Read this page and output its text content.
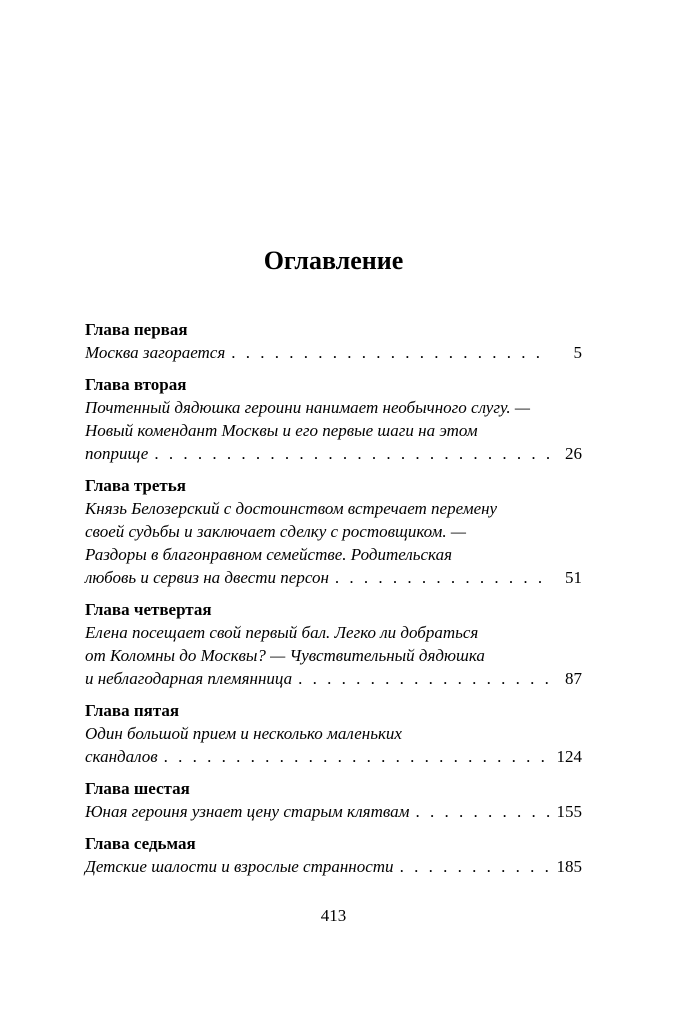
Оглавление
Глава первая
Москва загорается . . .	5
Глава вторая
Почтенный дядюшка героини нанимает необычного слугу. —
Новый комендант Москвы и его первые шаги на этом
поприще . . .	26
Глава третья
Князь Белозерский с достоинством встречает перемену
своей судьбы и заключает сделку с ростовщиком. —
Раздоры в благонравном семействе. Родительская
любовь и сервиз на двести персон . . .	51
Глава четвертая
Елена посещает свой первый бал. Легко ли добраться
от Коломны до Москвы? — Чувствительный дядюшка
и неблагодарная племянница . . .	87
Глава пятая
Один большой прием и несколько маленьких
скандалов . . .	124
Глава шестая
Юная героиня узнает цену старым клятвам . . .	155
Глава седьмая
Детские шалости и взрослые странности . . .	185
413
